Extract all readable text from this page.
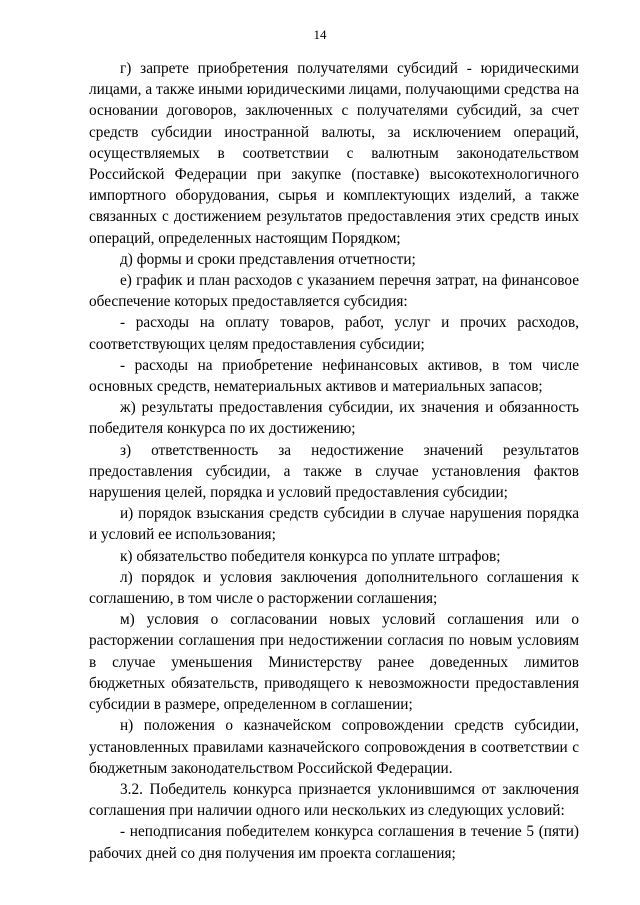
14

г) запрете приобретения получателями субсидий - юридическими лицами, а также иными юридическими лицами, получающими средства на основании договоров, заключенных с получателями субсидий, за счет средств субсидии иностранной валюты, за исключением операций, осуществляемых в соответствии с валютным законодательством Российской Федерации при закупке (поставке) высокотехнологичного импортного оборудования, сырья и комплектующих изделий, а также связанных с достижением результатов предоставления этих средств иных операций, определенных настоящим Порядком;

д) формы и сроки представления отчетности;

е) график и план расходов с указанием перечня затрат, на финансовое обеспечение которых предоставляется субсидия:

- расходы на оплату товаров, работ, услуг и прочих расходов, соответствующих целям предоставления субсидии;

- расходы на приобретение нефинансовых активов, в том числе основных средств, нематериальных активов и материальных запасов;

ж) результаты предоставления субсидии, их значения и обязанность победителя конкурса по их достижению;

з) ответственность за недостижение значений результатов предоставления субсидии, а также в случае установления фактов нарушения целей, порядка и условий предоставления субсидии;

и) порядок взыскания средств субсидии в случае нарушения порядка и условий ее использования;

к) обязательство победителя конкурса по уплате штрафов;

л) порядок и условия заключения дополнительного соглашения к соглашению, в том числе о расторжении соглашения;

м) условия о согласовании новых условий соглашения или о расторжении соглашения при недостижении согласия по новым условиям в случае уменьшения Министерству ранее доведенных лимитов бюджетных обязательств, приводящего к невозможности предоставления субсидии в размере, определенном в соглашении;

н) положения о казначейском сопровождении средств субсидии, установленных правилами казначейского сопровождения в соответствии с бюджетным законодательством Российской Федерации.

3.2. Победитель конкурса признается уклонившимся от заключения соглашения при наличии одного или нескольких из следующих условий:

- неподписания победителем конкурса соглашения в течение 5 (пяти) рабочих дней со дня получения им проекта соглашения;
